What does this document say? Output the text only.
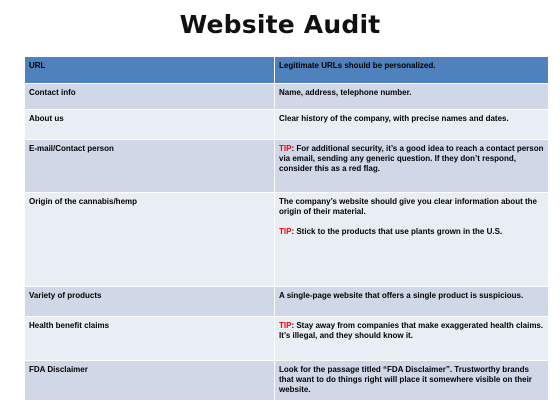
Website Audit
URL	Legitimate URLs should be personalized.
Contact info	Name, address, telephone number.
About us	Clear history of the company, with precise names and dates.
E-mail/Contact person	TIP: For additional security, it’s a good idea to reach a contact person via email, sending any generic question. If they don’t respond, consider this as a red flag.
Origin of the cannabis/hemp	The company’s website should give you clear information about the origin of their material.
TIP: Stick to the products that use plants grown in the U.S.

Variety of products	A single-page website that offers a single product is suspicious.
Health benefit claims	TIP: Stay away from companies that make exaggerated health claims. It’s illegal, and they should know it.
FDA Disclaimer	Look for the passage titled “FDA Disclaimer”. Trustworthy brands that want to do things right will place it somewhere visible on their website.
